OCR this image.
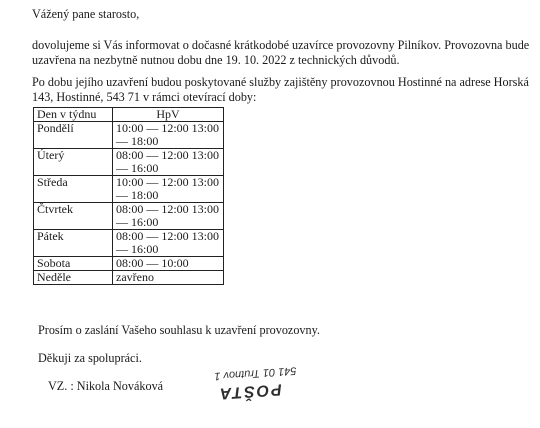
Vážený pane starosto,
dovolujeme si Vás informovat o dočasné krátkodobé uzavírce provozovny Pilníkov. Provozovna bude
uzavřena na nezbytně nutnou dobu dne 19. 10. 2022 z technických důvodů.
Po dobu jejího uzavření budou poskytované služby zajištěny provozovnou Hostinné na adrese Horská
143, Hostinné, 543 71 v rámci otevírací doby:
Den v týdnu	HpV
Pondělí	10:00 — 12:00 13:00
— 18:00

Úterý	08:00 — 12:00 13:00
— 16:00

Středa	10:00 — 12:00 13:00
— 18:00

Čtvrtek	08:00 — 12:00 13:00
— 16:00

Pátek	08:00 — 12:00 13:00
— 16:00

Sobota	08:00 — 10:00
Neděle	zavřeno
Prosím o zaslání Vašeho souhlasu k uzavření provozovny.
Děkuji za spolupráci.
VZ. : Nikola Nováková	POŠTA
541 01 Trutnov 1
